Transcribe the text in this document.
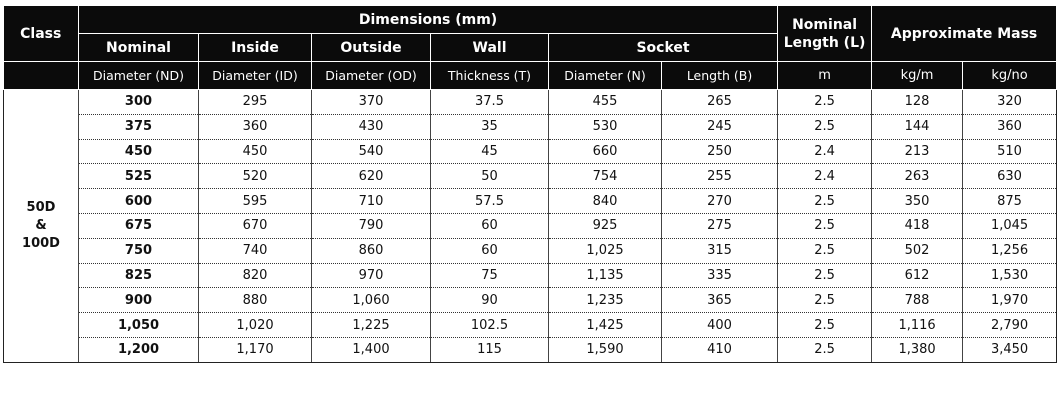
Class	Dimensions (mm)						Nominal Length (L)	Approximate Mass	
	Nominal	Inside	Outside	Wall	Socket				
	Diameter (ND)	Diameter (ID)	Diameter (OD)	Thickness (T)	Diameter (N)	Length (B)	m	kg/m	kg/no

50D
&
100D	300	295	370	37.5	455	265	2.5	128	320
	375	360	430	35	530	245	2.5	144	360
	450	450	540	45	660	250	2.4	213	510
	525	520	620	50	754	255	2.4	263	630
	600	595	710	57.5	840	270	2.5	350	875
	675	670	790	60	925	275	2.5	418	1,045
	750	740	860	60	1,025	315	2.5	502	1,256
	825	820	970	75	1,135	335	2.5	612	1,530
	900	880	1,060	90	1,235	365	2.5	788	1,970
	1,050	1,020	1,225	102.5	1,425	400	2.5	1,116	2,790
	1,200	1,170	1,400	115	1,590	410	2.5	1,380	3,450
